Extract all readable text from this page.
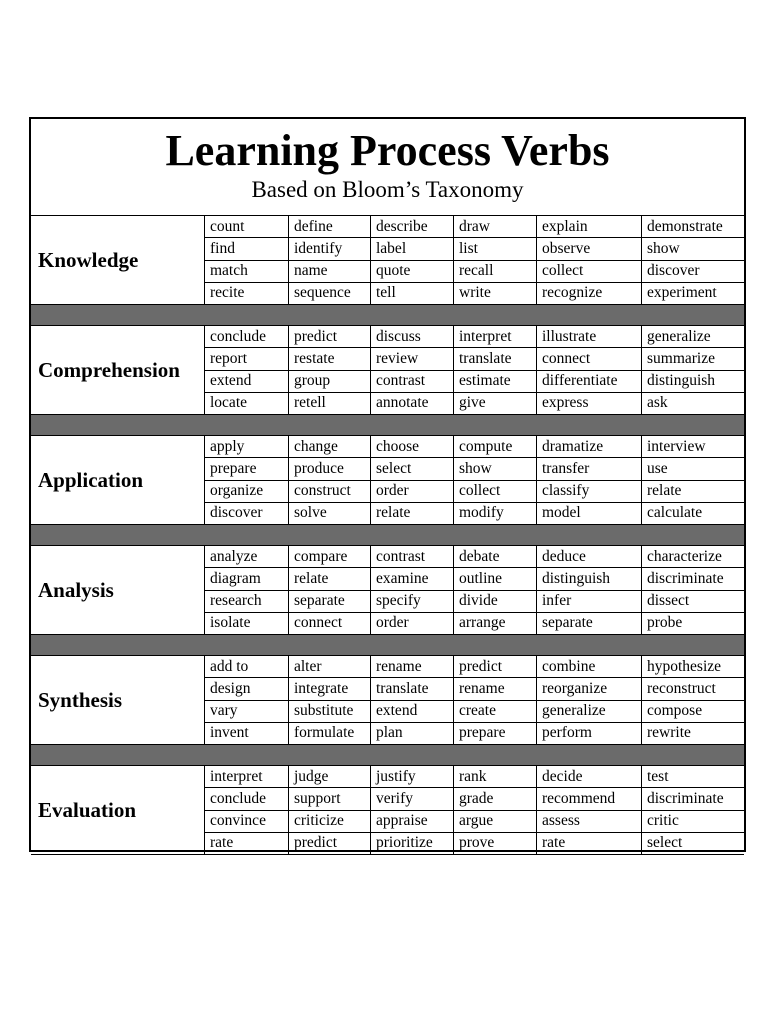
Learning Process Verbs
Based on Bloom’s Taxonomy
Knowledge
count	define	describe	draw	explain	demonstrate
find	identify	label	list	observe	show
match	name	quote	recall	collect	discover
recite	sequence	tell	write	recognize	experiment
Comprehension
conclude	predict	discuss	interpret	illustrate	generalize
report	restate	review	translate	connect	summarize
extend	group	contrast	estimate	differentiate	distinguish
locate	retell	annotate	give	express	ask
Application
apply	change	choose	compute	dramatize	interview
prepare	produce	select	show	transfer	use
organize	construct	order	collect	classify	relate
discover	solve	relate	modify	model	calculate
Analysis
analyze	compare	contrast	debate	deduce	characterize
diagram	relate	examine	outline	distinguish	discriminate
research	separate	specify	divide	infer	dissect
isolate	connect	order	arrange	separate	probe
Synthesis
add to	alter	rename	predict	combine	hypothesize
design	integrate	translate	rename	reorganize	reconstruct
vary	substitute	extend	create	generalize	compose
invent	formulate	plan	prepare	perform	rewrite
Evaluation
interpret	judge	justify	rank	decide	test
conclude	support	verify	grade	recommend	discriminate
convince	criticize	appraise	argue	assess	critic
rate	predict	prioritize	prove	rate	select
